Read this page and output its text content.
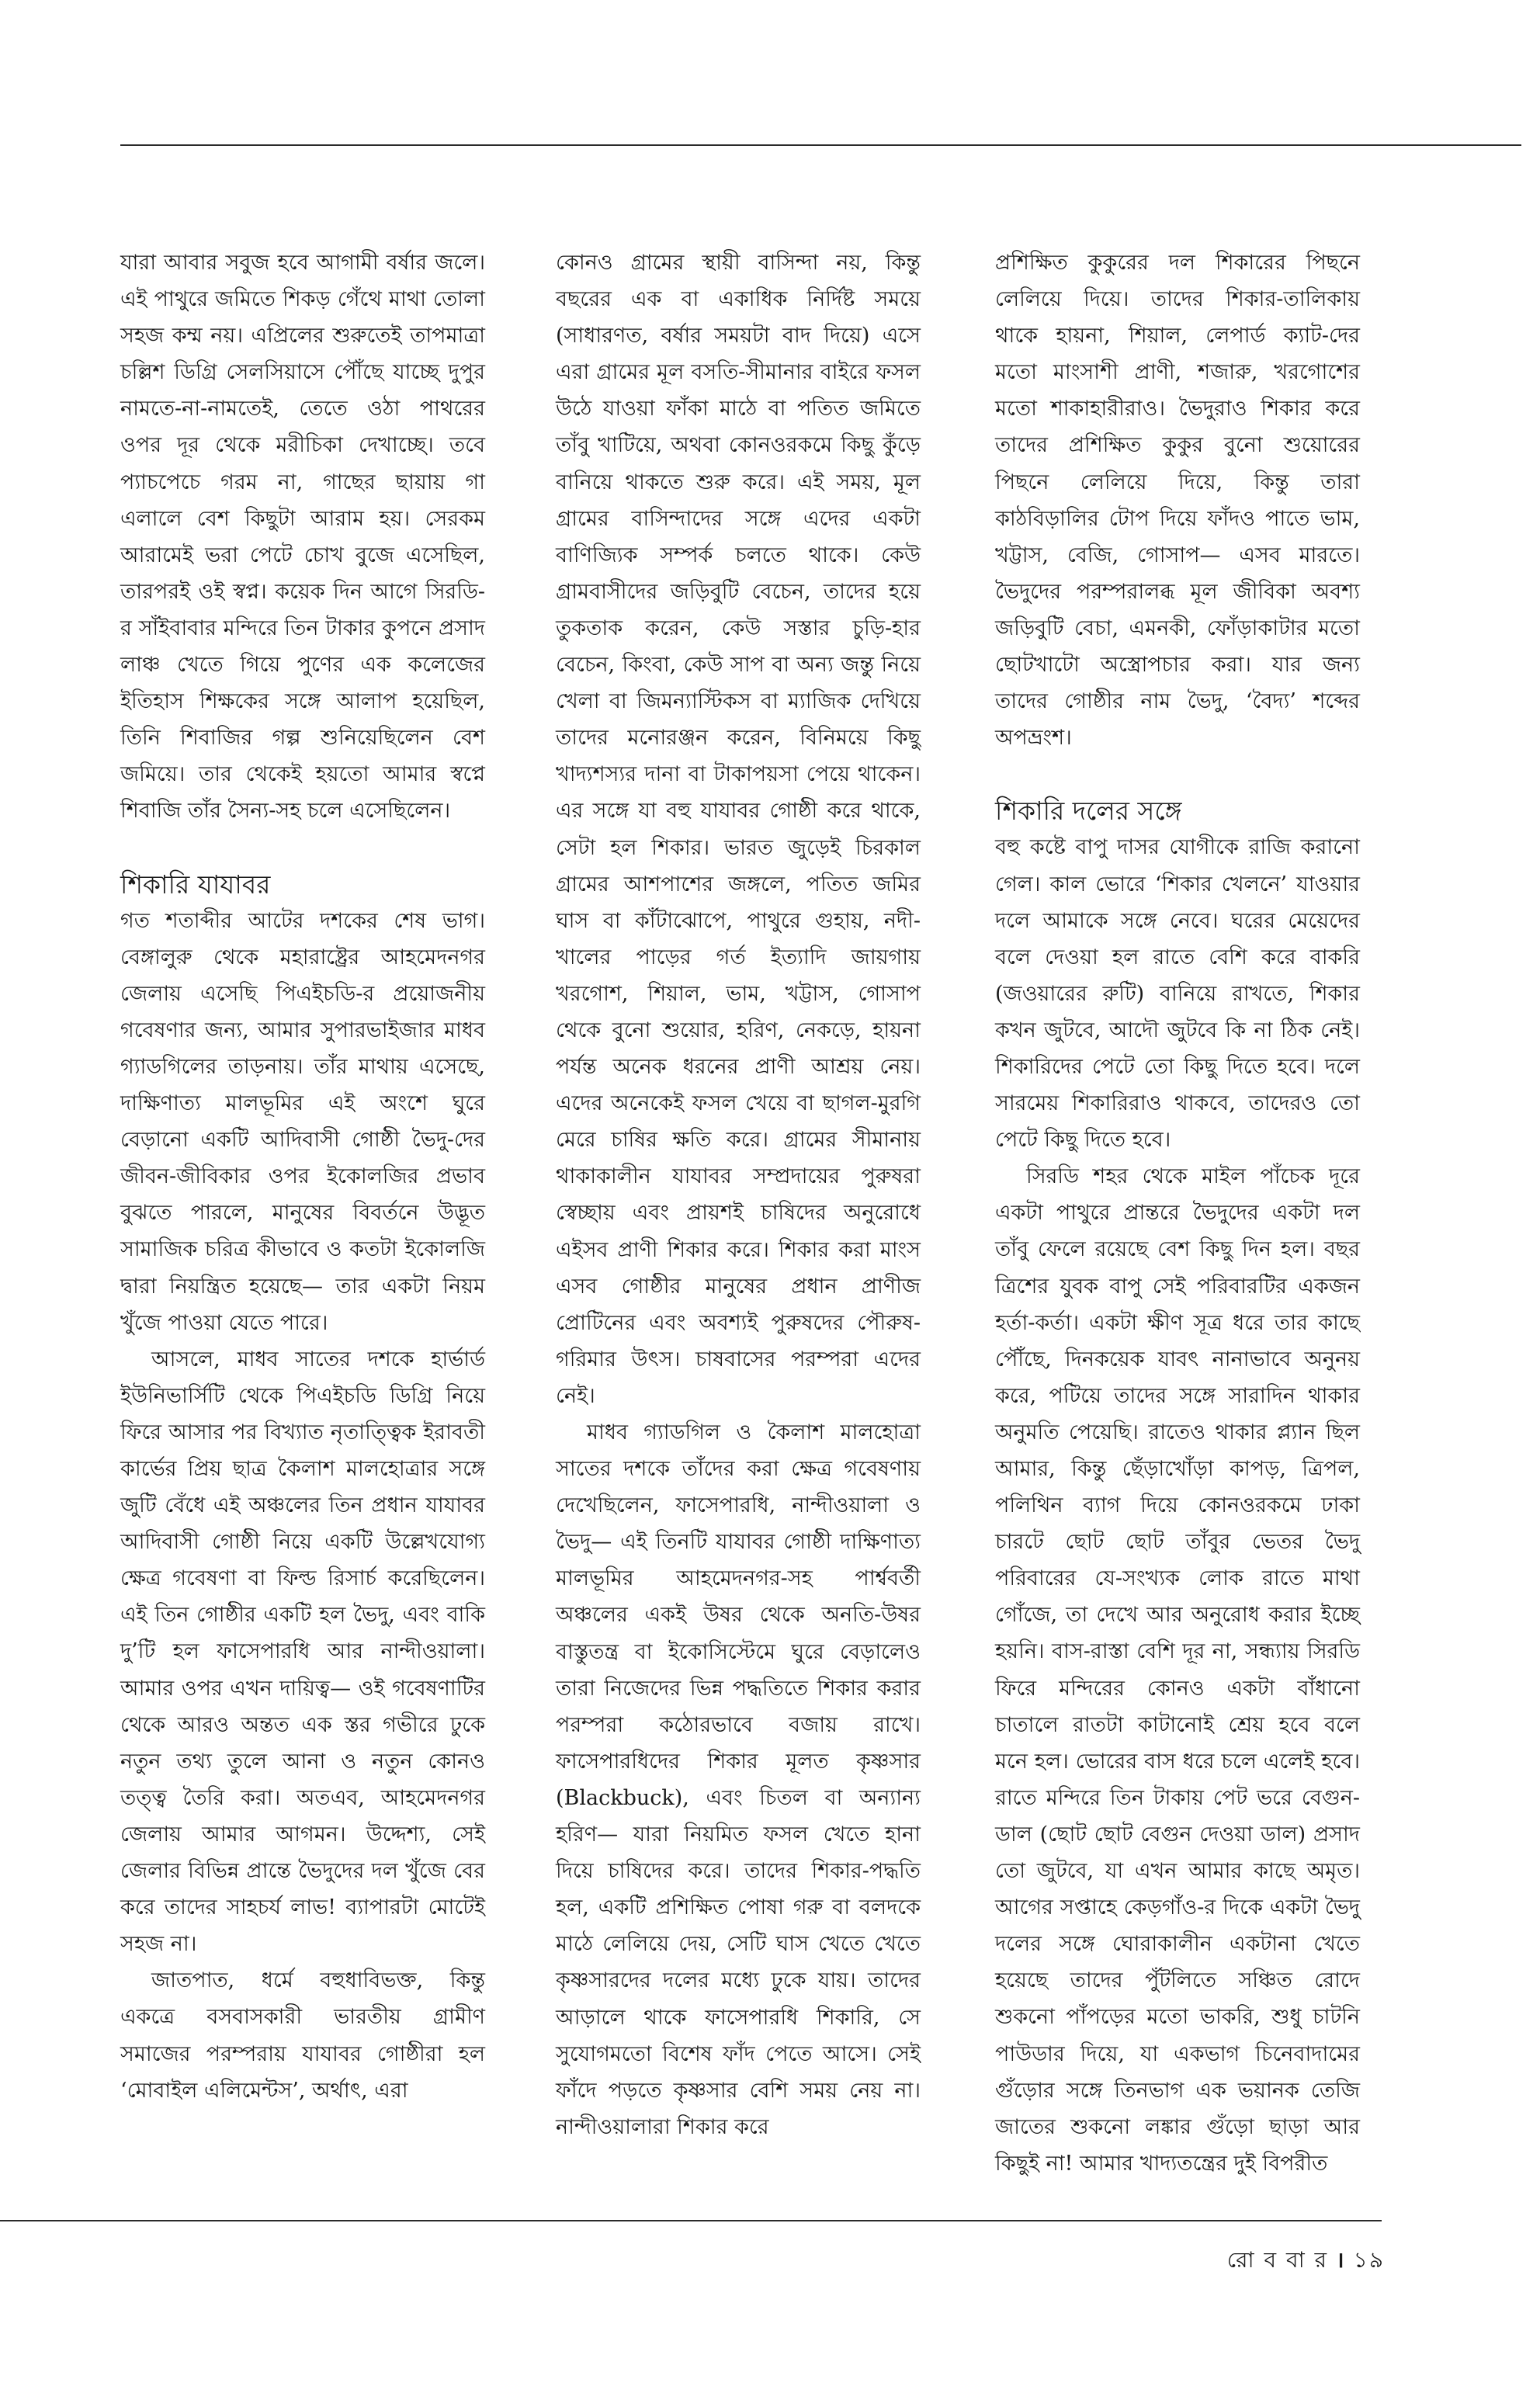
যারা আবার সবুজ হবে আগামী বর্ষার জলে। এই পাথুরে জমিতে শিকড় গেঁথে মাথা তোলা সহজ কম্ম নয়। এপ্রিলের শুরুতেই তাপমাত্রা চল্লিশ ডিগ্রি সেলসিয়াসে পৌঁছে যাচ্ছে দুপুর নামতে-না-নামতেই, তেতে ওঠা পাথরের ওপর দূর থেকে মরীচিকা দেখাচ্ছে। তবে প্যাচপেচে গরম না, গাছের ছায়ায় গা এলালে বেশ কিছুটা আরাম হয়। সেরকম আরামেই ভরা পেটে চোখ বুজে এসেছিল, তারপরই ওই স্বপ্ন। কয়েক দিন আগে সিরডি-র সাঁইবাবার মন্দিরে তিন টাকার কুপনে প্রসাদ লাঞ্চ খেতে গিয়ে পুণের এক কলেজের ইতিহাস শিক্ষকের সঙ্গে আলাপ হয়েছিল, তিনি শিবাজির গল্প শুনিয়েছিলেন বেশ জমিয়ে। তার থেকেই হয়তো আমার স্বপ্নে শিবাজি তাঁর সৈন্য-সহ চলে এসেছিলেন।

শিকারি যাযাবর

গত শতাব্দীর আটের দশকের শেষ ভাগ। বেঙ্গালুরু থেকে মহারাষ্ট্রের আহমেদনগর জেলায় এসেছি পিএইচডি-র প্রয়োজনীয় গবেষণার জন্য, আমার সুপারভাইজার মাধব গ্যাডগিলের তাড়নায়। তাঁর মাথায় এসেছে, দাক্ষিণাত্য মালভূমির এই অংশে ঘুরে বেড়ানো একটি আদিবাসী গোষ্ঠী ভৈদু-দের জীবন-জীবিকার ওপর ইকোলজির প্রভাব বুঝতে পারলে, মানুষের বিবর্তনে উদ্ভূত সামাজিক চরিত্র কীভাবে ও কতটা ইকোলজি দ্বারা নিয়ন্ত্রিত হয়েছে— তার একটা নিয়ম খুঁজে পাওয়া যেতে পারে।

আসলে, মাধব সাতের দশকে হার্ভার্ড ইউনিভার্সিটি থেকে পিএইচডি ডিগ্রি নিয়ে ফিরে আসার পর বিখ্যাত নৃতাত্ত্বিক ইরাবতী কার্ভের প্রিয় ছাত্র কৈলাশ মালহোত্রার সঙ্গে জুটি বেঁধে এই অঞ্চলের তিন প্রধান যাযাবর আদিবাসী গোষ্ঠী নিয়ে একটি উল্লেখযোগ্য ক্ষেত্র গবেষণা বা ফিল্ড রিসার্চ করেছিলেন। এই তিন গোষ্ঠীর একটি হল ভৈদু, এবং বাকি দু’টি হল ফাসেপারধি আর নান্দীওয়ালা। আমার ওপর এখন দায়িত্ব— ওই গবেষণাটির থেকে আরও অন্তত এক স্তর গভীরে ঢুকে নতুন তথ্য তুলে আনা ও নতুন কোনও তত্ত্ব তৈরি করা। অতএব, আহমেদনগর জেলায় আমার আগমন। উদ্দেশ্য, সেই জেলার বিভিন্ন প্রান্তে ভৈদুদের দল খুঁজে বের করে তাদের সাহচর্য লাভ! ব্যাপারটা মোটেই সহজ না।

জাতপাত, ধর্মে বহুধাবিভক্ত, কিন্তু একত্রে বসবাসকারী ভারতীয় গ্রামীণ সমাজের পরম্পরায় যাযাবর গোষ্ঠীরা হল ‘মোবাইল এলিমেন্টস’, অর্থাৎ, এরা

কোনও গ্রামের স্থায়ী বাসিন্দা নয়, কিন্তু বছরের এক বা একাধিক নির্দিষ্ট সময়ে (সাধারণত, বর্ষার সময়টা বাদ দিয়ে) এসে এরা গ্রামের মূল বসতি-সীমানার বাইরে ফসল উঠে যাওয়া ফাঁকা মাঠে বা পতিত জমিতে তাঁবু খাটিয়ে, অথবা কোনওরকমে কিছু কুঁড়ে বানিয়ে থাকতে শুরু করে। এই সময়, মূল গ্রামের বাসিন্দাদের সঙ্গে এদের একটা বাণিজ্যিক সম্পর্ক চলতে থাকে। কেউ গ্রামবাসীদের জড়িবুটি বেচেন, তাদের হয়ে তুকতাক করেন, কেউ সস্তার চুড়ি-হার বেচেন, কিংবা, কেউ সাপ বা অন্য জন্তু নিয়ে খেলা বা জিমন্যাস্টিকস বা ম্যাজিক দেখিয়ে তাদের মনোরঞ্জন করেন, বিনিময়ে কিছু খাদ্যশস্যর দানা বা টাকাপয়সা পেয়ে থাকেন। এর সঙ্গে যা বহু যাযাবর গোষ্ঠী করে থাকে, সেটা হল শিকার। ভারত জুড়েই চিরকাল গ্রামের আশপাশের জঙ্গলে, পতিত জমির ঘাস বা কাঁটাঝোপে, পাথুরে গুহায়, নদী-খালের পাড়ের গর্ত ইত্যাদি জায়গায় খরগোশ, শিয়াল, ভাম, খট্টাস, গোসাপ থেকে বুনো শুয়োর, হরিণ, নেকড়ে, হায়না পর্যন্ত অনেক ধরনের প্রাণী আশ্রয় নেয়। এদের অনেকেই ফসল খেয়ে বা ছাগল-মুরগি মেরে চাষির ক্ষতি করে। গ্রামের সীমানায় থাকাকালীন যাযাবর সম্প্রদায়ের পুরুষরা স্বেচ্ছায় এবং প্রায়শই চাষিদের অনুরোধে এইসব প্রাণী শিকার করে। শিকার করা মাংস এসব গোষ্ঠীর মানুষের প্রধান প্রাণীজ প্রোটিনের এবং অবশ্যই পুরুষদের পৌরুষ-গরিমার উৎস। চাষবাসের পরম্পরা এদের নেই।

মাধব গ্যাডগিল ও কৈলাশ মালহোত্রা সাতের দশকে তাঁদের করা ক্ষেত্র গবেষণায় দেখেছিলেন, ফাসেপারধি, নান্দীওয়ালা ও ভৈদু— এই তিনটি যাযাবর গোষ্ঠী দাক্ষিণাত্য মালভূমির আহমেদনগর-সহ পার্শ্ববর্তী অঞ্চলের একই উষর থেকে অনতি-উষর বাস্তুতন্ত্র বা ইকোসিস্টেমে ঘুরে বেড়ালেও তারা নিজেদের ভিন্ন পদ্ধতিতে শিকার করার পরম্পরা কঠোরভাবে বজায় রাখে। ফাসেপারধিদের শিকার মূলত কৃষ্ণসার (Blackbuck), এবং চিতল বা অন্যান্য হরিণ— যারা নিয়মিত ফসল খেতে হানা দিয়ে চাষিদের করে। তাদের শিকার-পদ্ধতি হল, একটি প্রশিক্ষিত পোষা গরু বা বলদকে মাঠে লেলিয়ে দেয়, সেটি ঘাস খেতে খেতে কৃষ্ণসারদের দলের মধ্যে ঢুকে যায়। তাদের আড়ালে থাকে ফাসেপারধি শিকারি, সে সুযোগমতো বিশেষ ফাঁদ পেতে আসে। সেই ফাঁদে পড়তে কৃষ্ণসার বেশি সময় নেয় না। নান্দীওয়ালারা শিকার করে

প্রশিক্ষিত কুকুরের দল শিকারের পিছনে লেলিয়ে দিয়ে। তাদের শিকার-তালিকায় থাকে হায়না, শিয়াল, লেপার্ড ক্যাট-দের মতো মাংসাশী প্রাণী, শজারু, খরগোশের মতো শাকাহারীরাও। ভৈদুরাও শিকার করে তাদের প্রশিক্ষিত কুকুর বুনো শুয়োরের পিছনে লেলিয়ে দিয়ে, কিন্তু তারা কাঠবিড়ালির টোপ দিয়ে ফাঁদও পাতে ভাম, খট্টাস, বেজি, গোসাপ— এসব মারতে। ভৈদুদের পরম্পরালব্ধ মূল জীবিকা অবশ্য জড়িবুটি বেচা, এমনকী, ফোঁড়াকাটার মতো ছোটখাটো অস্ত্রোপচার করা। যার জন্য তাদের গোষ্ঠীর নাম ভৈদু, ‘বৈদ্য’ শব্দের অপভ্রংশ।

শিকারি দলের সঙ্গে

বহু কষ্টে বাপু দাসর যোগীকে রাজি করানো গেল। কাল ভোরে ‘শিকার খেলনে’ যাওয়ার দলে আমাকে সঙ্গে নেবে। ঘরের মেয়েদের বলে দেওয়া হল রাতে বেশি করে বাকরি (জওয়ারের রুটি) বানিয়ে রাখতে, শিকার কখন জুটবে, আদৌ জুটবে কি না ঠিক নেই। শিকারিদের পেটে তো কিছু দিতে হবে। দলে সারমেয় শিকারিরাও থাকবে, তাদেরও তো পেটে কিছু দিতে হবে।

সিরডি শহর থেকে মাইল পাঁচেক দূরে একটা পাথুরে প্রান্তরে ভৈদুদের একটা দল তাঁবু ফেলে রয়েছে বেশ কিছু দিন হল। বছর ত্রিশের যুবক বাপু সেই পরিবারটির একজন হর্তা-কর্তা। একটা ক্ষীণ সূত্র ধরে তার কাছে পৌঁছে, দিনকয়েক যাবৎ নানাভাবে অনুনয় করে, পটিয়ে তাদের সঙ্গে সারাদিন থাকার অনুমতি পেয়েছি। রাতেও থাকার প্ল্যান ছিল আমার, কিন্তু ছেঁড়াখোঁড়া কাপড়, ত্রিপল, পলিথিন ব্যাগ দিয়ে কোনওরকমে ঢাকা চারটে ছোট ছোট তাঁবুর ভেতর ভৈদু পরিবারের যে-সংখ্যক লোক রাতে মাথা গোঁজে, তা দেখে আর অনুরোধ করার ইচ্ছে হয়নি। বাস-রাস্তা বেশি দূর না, সন্ধ্যায় সিরডি ফিরে মন্দিরের কোনও একটা বাঁধানো চাতালে রাতটা কাটানোই শ্রেয় হবে বলে মনে হল। ভোরের বাস ধরে চলে এলেই হবে। রাতে মন্দিরে তিন টাকায় পেট ভরে বেগুন-ডাল (ছোট ছোট বেগুন দেওয়া ডাল) প্রসাদ তো জুটবে, যা এখন আমার কাছে অমৃত। আগের সপ্তাহে কেড়গাঁও-র দিকে একটা ভৈদু দলের সঙ্গে ঘোরাকালীন একটানা খেতে হয়েছে তাদের পুঁটলিতে সঞ্চিত রোদে শুকনো পাঁপড়ের মতো ভাকরি, শুধু চাটনি পাউডার দিয়ে, যা একভাগ চিনেবাদামের গুঁড়োর সঙ্গে তিনভাগ এক ভয়ানক তেজি জাতের শুকনো লঙ্কার গুঁড়ো ছাড়া আর কিছুই না! আমার খাদ্যতন্ত্রের দুই বিপরীত

রো ব বা র । ১৯
